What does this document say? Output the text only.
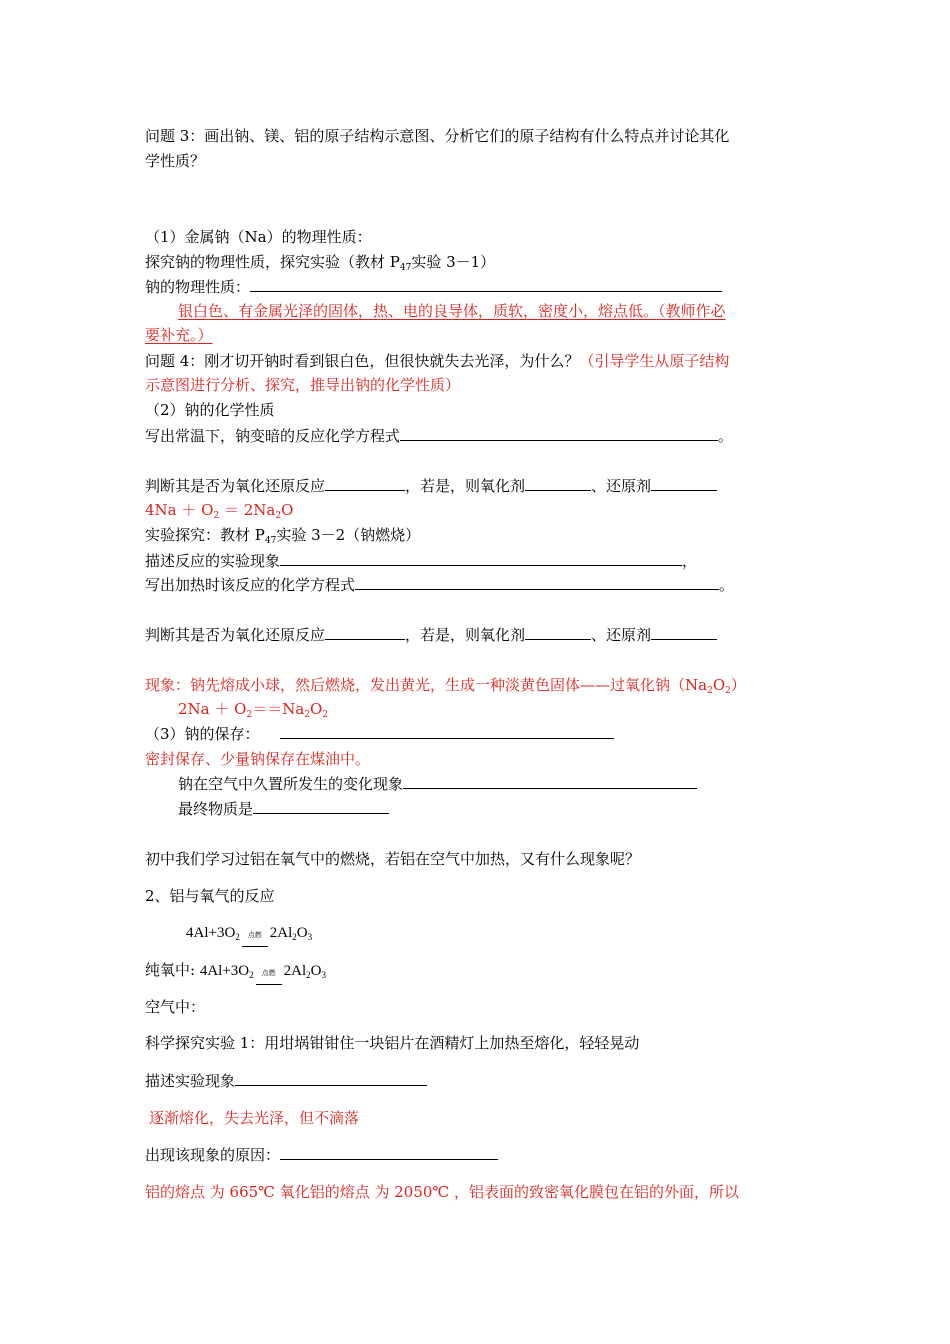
问题 3：画出钠、镁、铝的原子结构示意图、分析它们的原子结构有什么特点并讨论其化
学性质？
（1）金属钠（Na）的物理性质：
探究钠的物理性质，探究实验（教材 $P_{47}$实验 3－1）
钠的物理性质：
银白色、有金属光泽的固体，热、电的良导体，质软，密度小，熔点低。（教师作必
要补充。）
问题 4：刚才切开钠时看到银白色，但很快就失去光泽，为什么？（引导学生从原子结构
示意图进行分析、探究，推导出钠的化学性质）
（2）钠的化学性质
写出常温下，钠变暗的反应化学方程式	。
判断其是否为氧化还原反应	，若是，则氧化剂	、还原剂
$4Na + O_2 = 2Na_2O$
实验探究：教材 $P_{47}$实验 3－2（钠燃烧）
描述反应的实验现象	，
写出加热时该反应的化学方程式	。
判断其是否为氧化还原反应	，若是，则氧化剂	、还原剂
现象：钠先熔成小球，然后燃烧，发出黄光，生成一种淡黄色固体——过氧化钠$(Na_2O_2)$
$2Na + O_2==Na_2O_2$
（3）钠的保存：
密封保存、少量钠保存在煤油中。
钠在空气中久置所发生的变化现象
最终物质是
初中我们学习过铝在氧气中的燃烧，若铝在空气中加热，又有什么现象呢？
2、铝与氧气的反应
$4Al+3O_2$	点燃 $2Al_2O_3$
纯氧中: $4Al+3O_2$	点燃 $2Al_2O_3$
空气中：
科学探究实验 1：用坩埚钳钳住一块铝片在酒精灯上加热至熔化，轻轻晃动
描述实验现象
逐渐熔化，失去光泽，但不滴落
出现该现象的原因：
铝的熔点 为 665℃ 氧化铝的熔点 为 2050℃ ，铝表面的致密氧化膜包在铝的外面，所以
